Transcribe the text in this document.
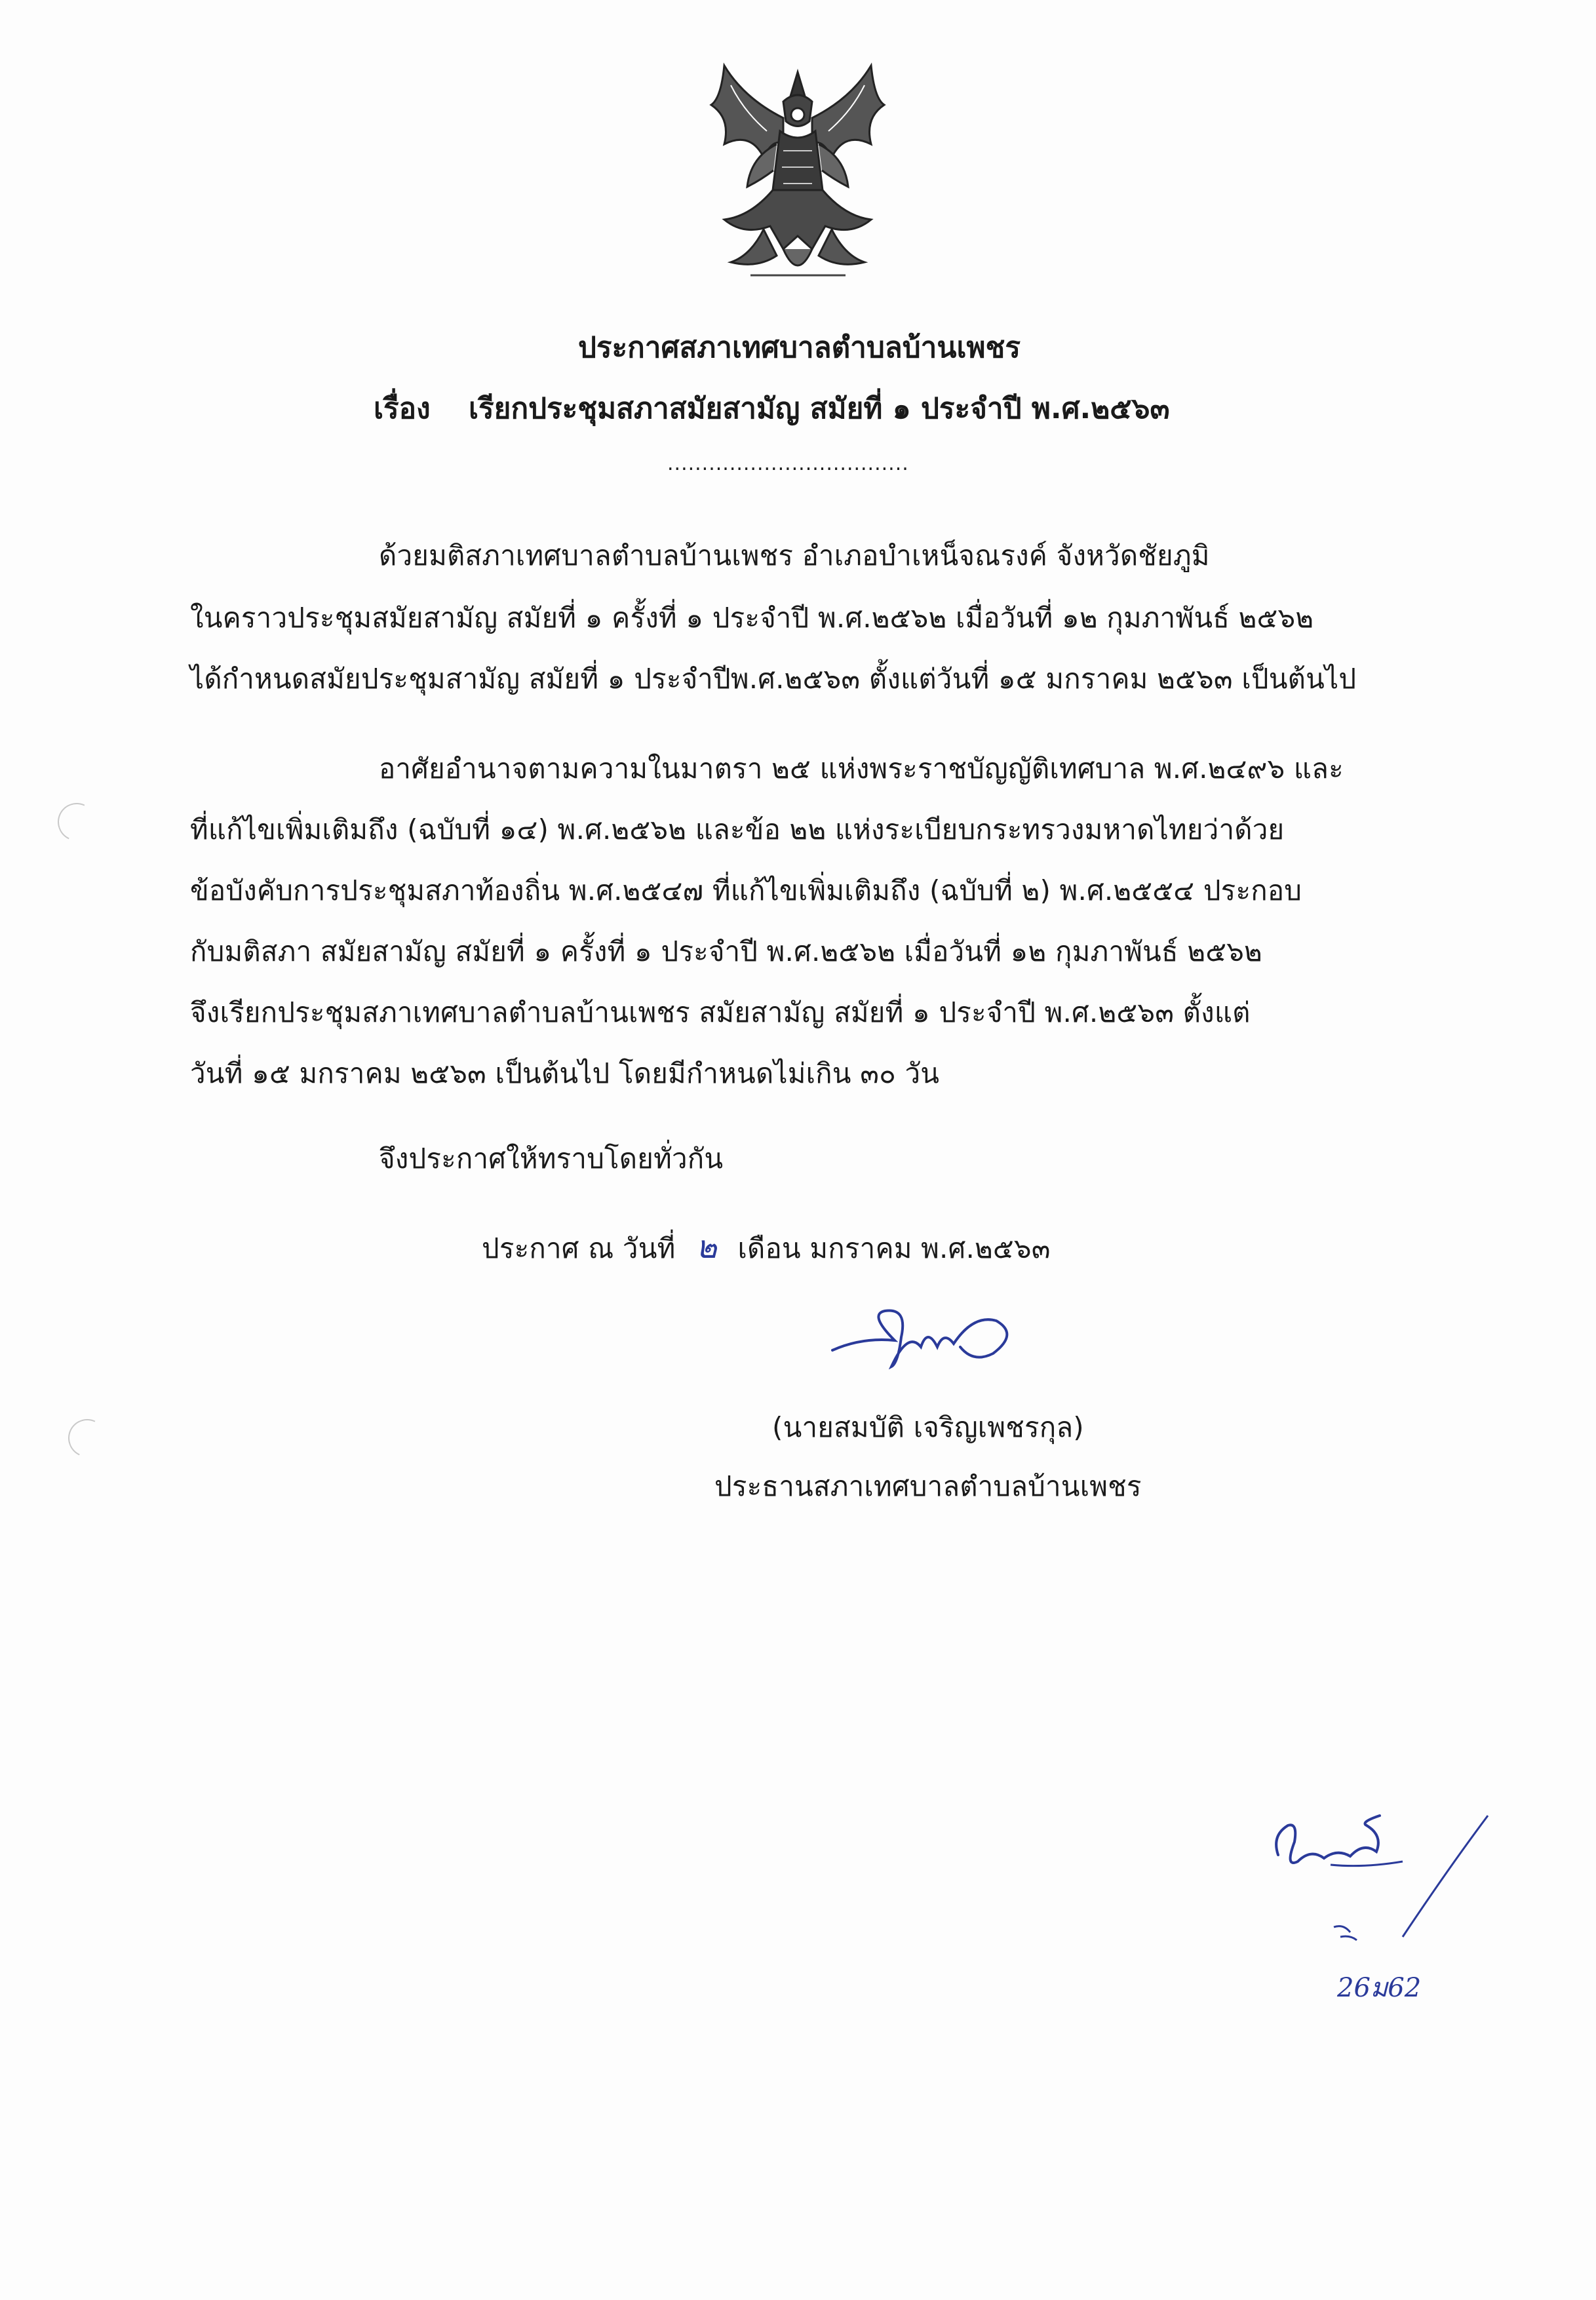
ประกาศสภาเทศบาลตำบลบ้านเพชร
เรื่อง เรียกประชุมสภาสมัยสามัญ สมัยที่ ๑ ประจำปี พ.ศ.๒๕๖๓
...................................
ด้วยมติสภาเทศบาลตำบลบ้านเพชร อำเภอบำเหน็จณรงค์ จังหวัดชัยภูมิ
ในคราวประชุมสมัยสามัญ สมัยที่ ๑ ครั้งที่ ๑ ประจำปี พ.ศ.๒๕๖๒ เมื่อวันที่ ๑๒ กุมภาพันธ์ ๒๕๖๒
ได้กำหนดสมัยประชุมสามัญ สมัยที่ ๑ ประจำปีพ.ศ.๒๕๖๓ ตั้งแต่วันที่ ๑๕ มกราคม ๒๕๖๓ เป็นต้นไป
อาศัยอำนาจตามความในมาตรา ๒๕ แห่งพระราชบัญญัติเทศบาล พ.ศ.๒๔๙๖ และ
ที่แก้ไขเพิ่มเติมถึง (ฉบับที่ ๑๔) พ.ศ.๒๕๖๒ และข้อ ๒๒ แห่งระเบียบกระทรวงมหาดไทยว่าด้วย
ข้อบังคับการประชุมสภาท้องถิ่น พ.ศ.๒๕๔๗ ที่แก้ไขเพิ่มเติมถึง (ฉบับที่ ๒) พ.ศ.๒๕๕๔ ประกอบ
กับมติสภา สมัยสามัญ สมัยที่ ๑ ครั้งที่ ๑ ประจำปี พ.ศ.๒๕๖๒ เมื่อวันที่ ๑๒ กุมภาพันธ์ ๒๕๖๒
จึงเรียกประชุมสภาเทศบาลตำบลบ้านเพชร สมัยสามัญ สมัยที่ ๑ ประจำปี พ.ศ.๒๕๖๓ ตั้งแต่
วันที่ ๑๕ มกราคม ๒๕๖๓ เป็นต้นไป โดยมีกำหนดไม่เกิน ๓๐ วัน
จึงประกาศให้ทราบโดยทั่วกัน
ประกาศ ณ วันที่ ๒ เดือน มกราคม พ.ศ.๒๕๖๓
(นายสมบัติ เจริญเพชรกุล)
ประธานสภาเทศบาลตำบลบ้านเพชร
26ม62
